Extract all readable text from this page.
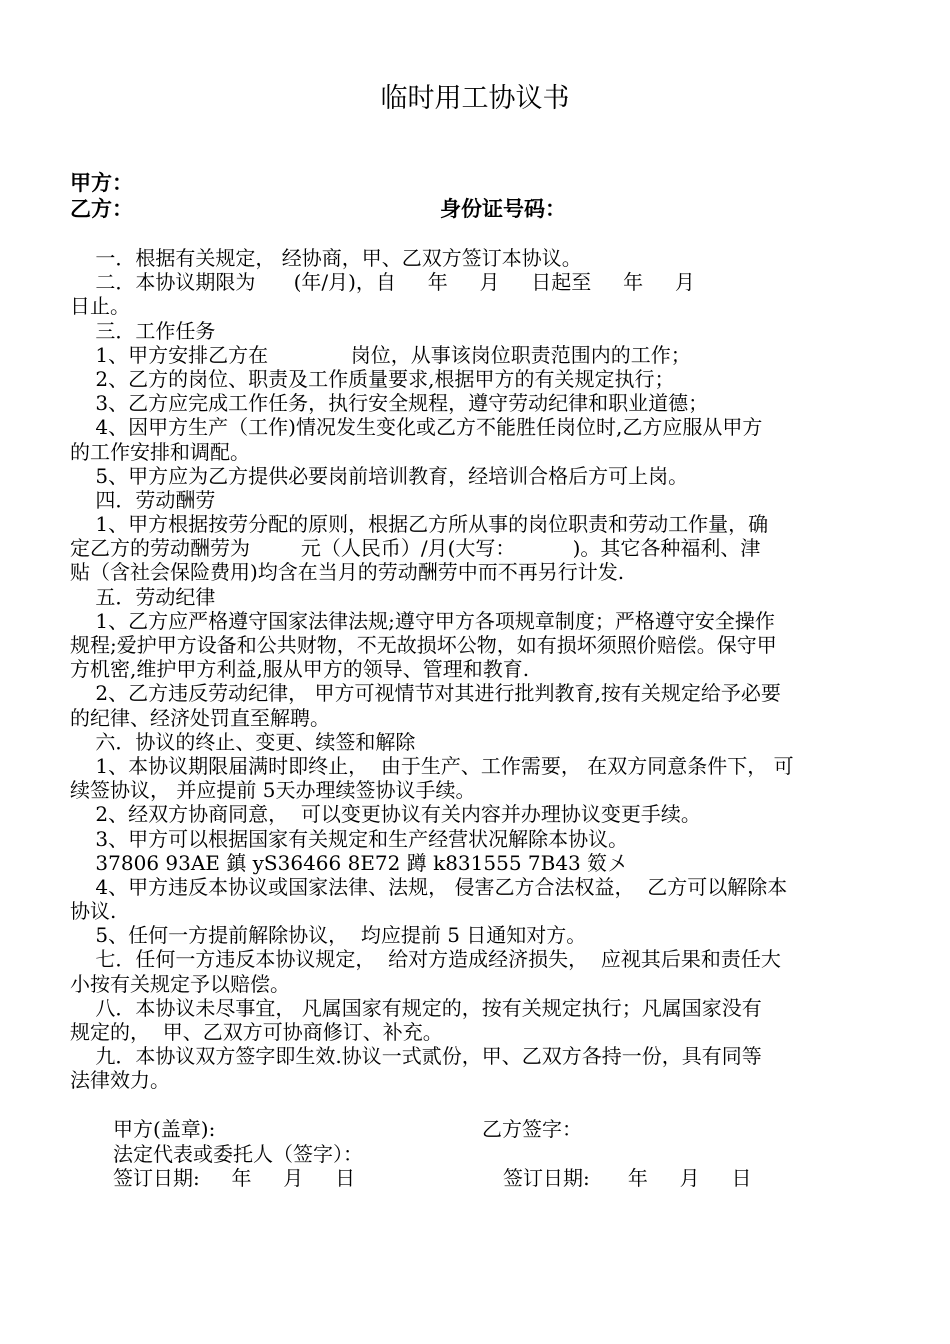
临时用工协议书
甲方：
乙方：	身份证号码：
一．根据有关规定， 经协商，甲、乙双方签订本协议。
二．本协议期限为      (年/月)，自     年     月     日起至     年     月
日止。
三．工作任务
1、甲方安排乙方在             岗位，从事该岗位职责范围内的工作；
2、乙方的岗位、职责及工作质量要求,根据甲方的有关规定执行；
3、乙方应完成工作任务，执行安全规程，遵守劳动纪律和职业道德；
4、因甲方生产（工作)情况发生变化或乙方不能胜任岗位时,乙方应服从甲方
的工作安排和调配。
5、甲方应为乙方提供必要岗前培训教育，经培训合格后方可上岗。
四．劳动酬劳
1、甲方根据按劳分配的原则，根据乙方所从事的岗位职责和劳动工作量，确
定乙方的劳动酬劳为        元（人民币）/月(大写：         )。其它各种福利、津
贴（含社会保险费用)均含在当月的劳动酬劳中而不再另行计发.
五．劳动纪律
1、乙方应严格遵守国家法律法规;遵守甲方各项规章制度；严格遵守安全操作
规程;爱护甲方设备和公共财物，不无故损坏公物，如有损坏须照价赔偿。保守甲
方机密,维护甲方利益,服从甲方的领导、管理和教育.
2、乙方违反劳动纪律， 甲方可视情节对其进行批判教育,按有关规定给予必要
的纪律、经济处罚直至解聘。
六．协议的终止、变更、续签和解除
1、本协议期限届满时即终止，  由于生产、工作需要， 在双方同意条件下， 可
续签协议， 并应提前 5天办理续签协议手续。
2、经双方协商同意，  可以变更协议有关内容并办理协议变更手续。
3、甲方可以根据国家有关规定和生产经营状况解除本协议。
37806 93AE 鎮 yS36466 8E72 蹲 k831555 7B43 笯〤
4、甲方违反本协议或国家法律、法规， 侵害乙方合法权益，  乙方可以解除本
协议.
5、任何一方提前解除协议，  均应提前 5 日通知对方。
七．任何一方违反本协议规定，  给对方造成经济损失，  应视其后果和责任大
小按有关规定予以赔偿。
八．本协议未尽事宜， 凡属国家有规定的，按有关规定执行；凡属国家没有
规定的，  甲、乙双方可协商修订、补充。
九．本协议双方签字即生效.协议一式贰份，甲、乙双方各持一份，具有同等
法律效力。
甲方(盖章):	乙方签字：
法定代表或委托人（签字）：
签订日期:     年     月     日	签订日期:      年     月     日
